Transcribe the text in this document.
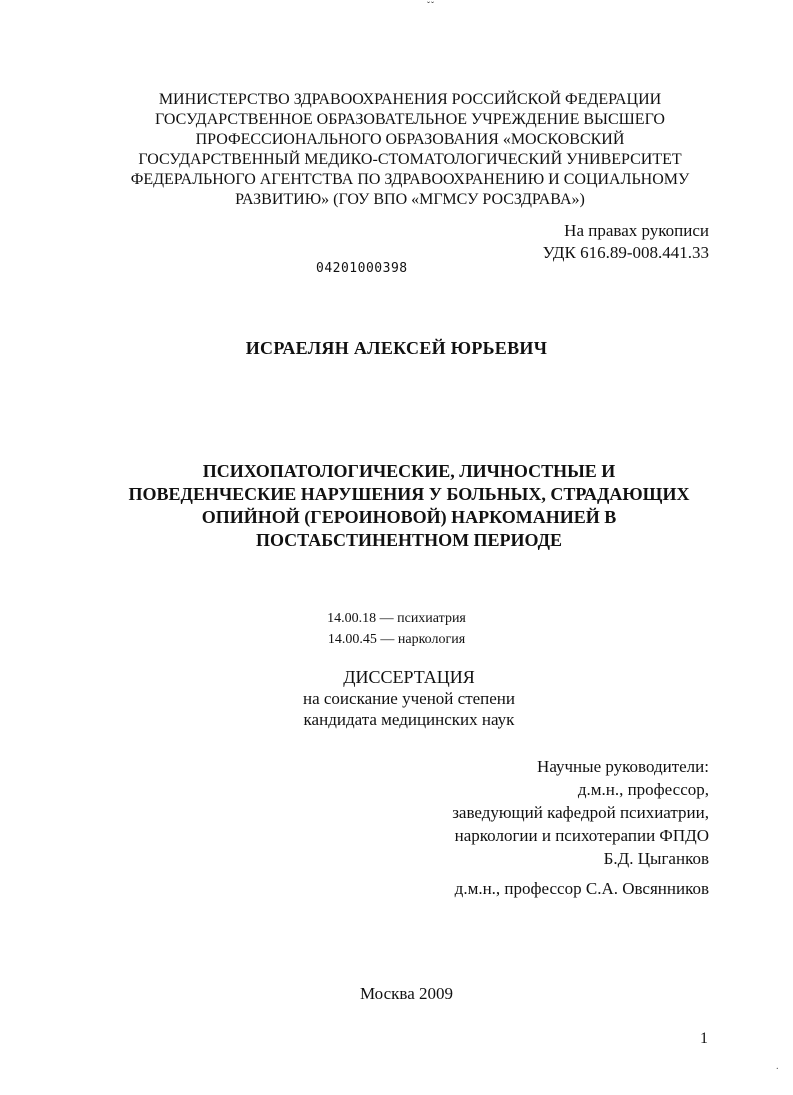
ˇˇ
МИНИСТЕРСТВО ЗДРАВООХРАНЕНИЯ РОССИЙСКОЙ ФЕДЕРАЦИИ
ГОСУДАРСТВЕННОЕ ОБРАЗОВАТЕЛЬНОЕ УЧРЕЖДЕНИЕ ВЫСШЕГО
ПРОФЕССИОНАЛЬНОГО ОБРАЗОВАНИЯ «МОСКОВСКИЙ
ГОСУДАРСТВЕННЫЙ МЕДИКО-СТОМАТОЛОГИЧЕСКИЙ УНИВЕРСИТЕТ
ФЕДЕРАЛЬНОГО АГЕНТСТВА ПО ЗДРАВООХРАНЕНИЮ И СОЦИАЛЬНОМУ
РАЗВИТИЮ» (ГОУ ВПО «МГМСУ РОСЗДРАВА»)
На правах рукописи
УДК 616.89-008.441.33
04201000398
ИСРАЕЛЯН АЛЕКСЕЙ ЮРЬЕВИЧ
ПСИХОПАТОЛОГИЧЕСКИЕ, ЛИЧНОСТНЫЕ И
ПОВЕДЕНЧЕСКИЕ НАРУШЕНИЯ У БОЛЬНЫХ, СТРАДАЮЩИХ
ОПИЙНОЙ (ГЕРОИНОВОЙ) НАРКОМАНИЕЙ В
ПОСТАБСТИНЕНТНОМ ПЕРИОДЕ
14.00.18 — психиатрия
14.00.45 — наркология
ДИССЕРТАЦИЯ
на соискание ученой степени
кандидата медицинских наук
Научные руководители:
д.м.н., профессор,
заведующий кафедрой психиатрии,
наркологии и психотерапии ФПДО
Б.Д. Цыганков
д.м.н., профессор С.А. Овсянников
Москва 2009
1
·
